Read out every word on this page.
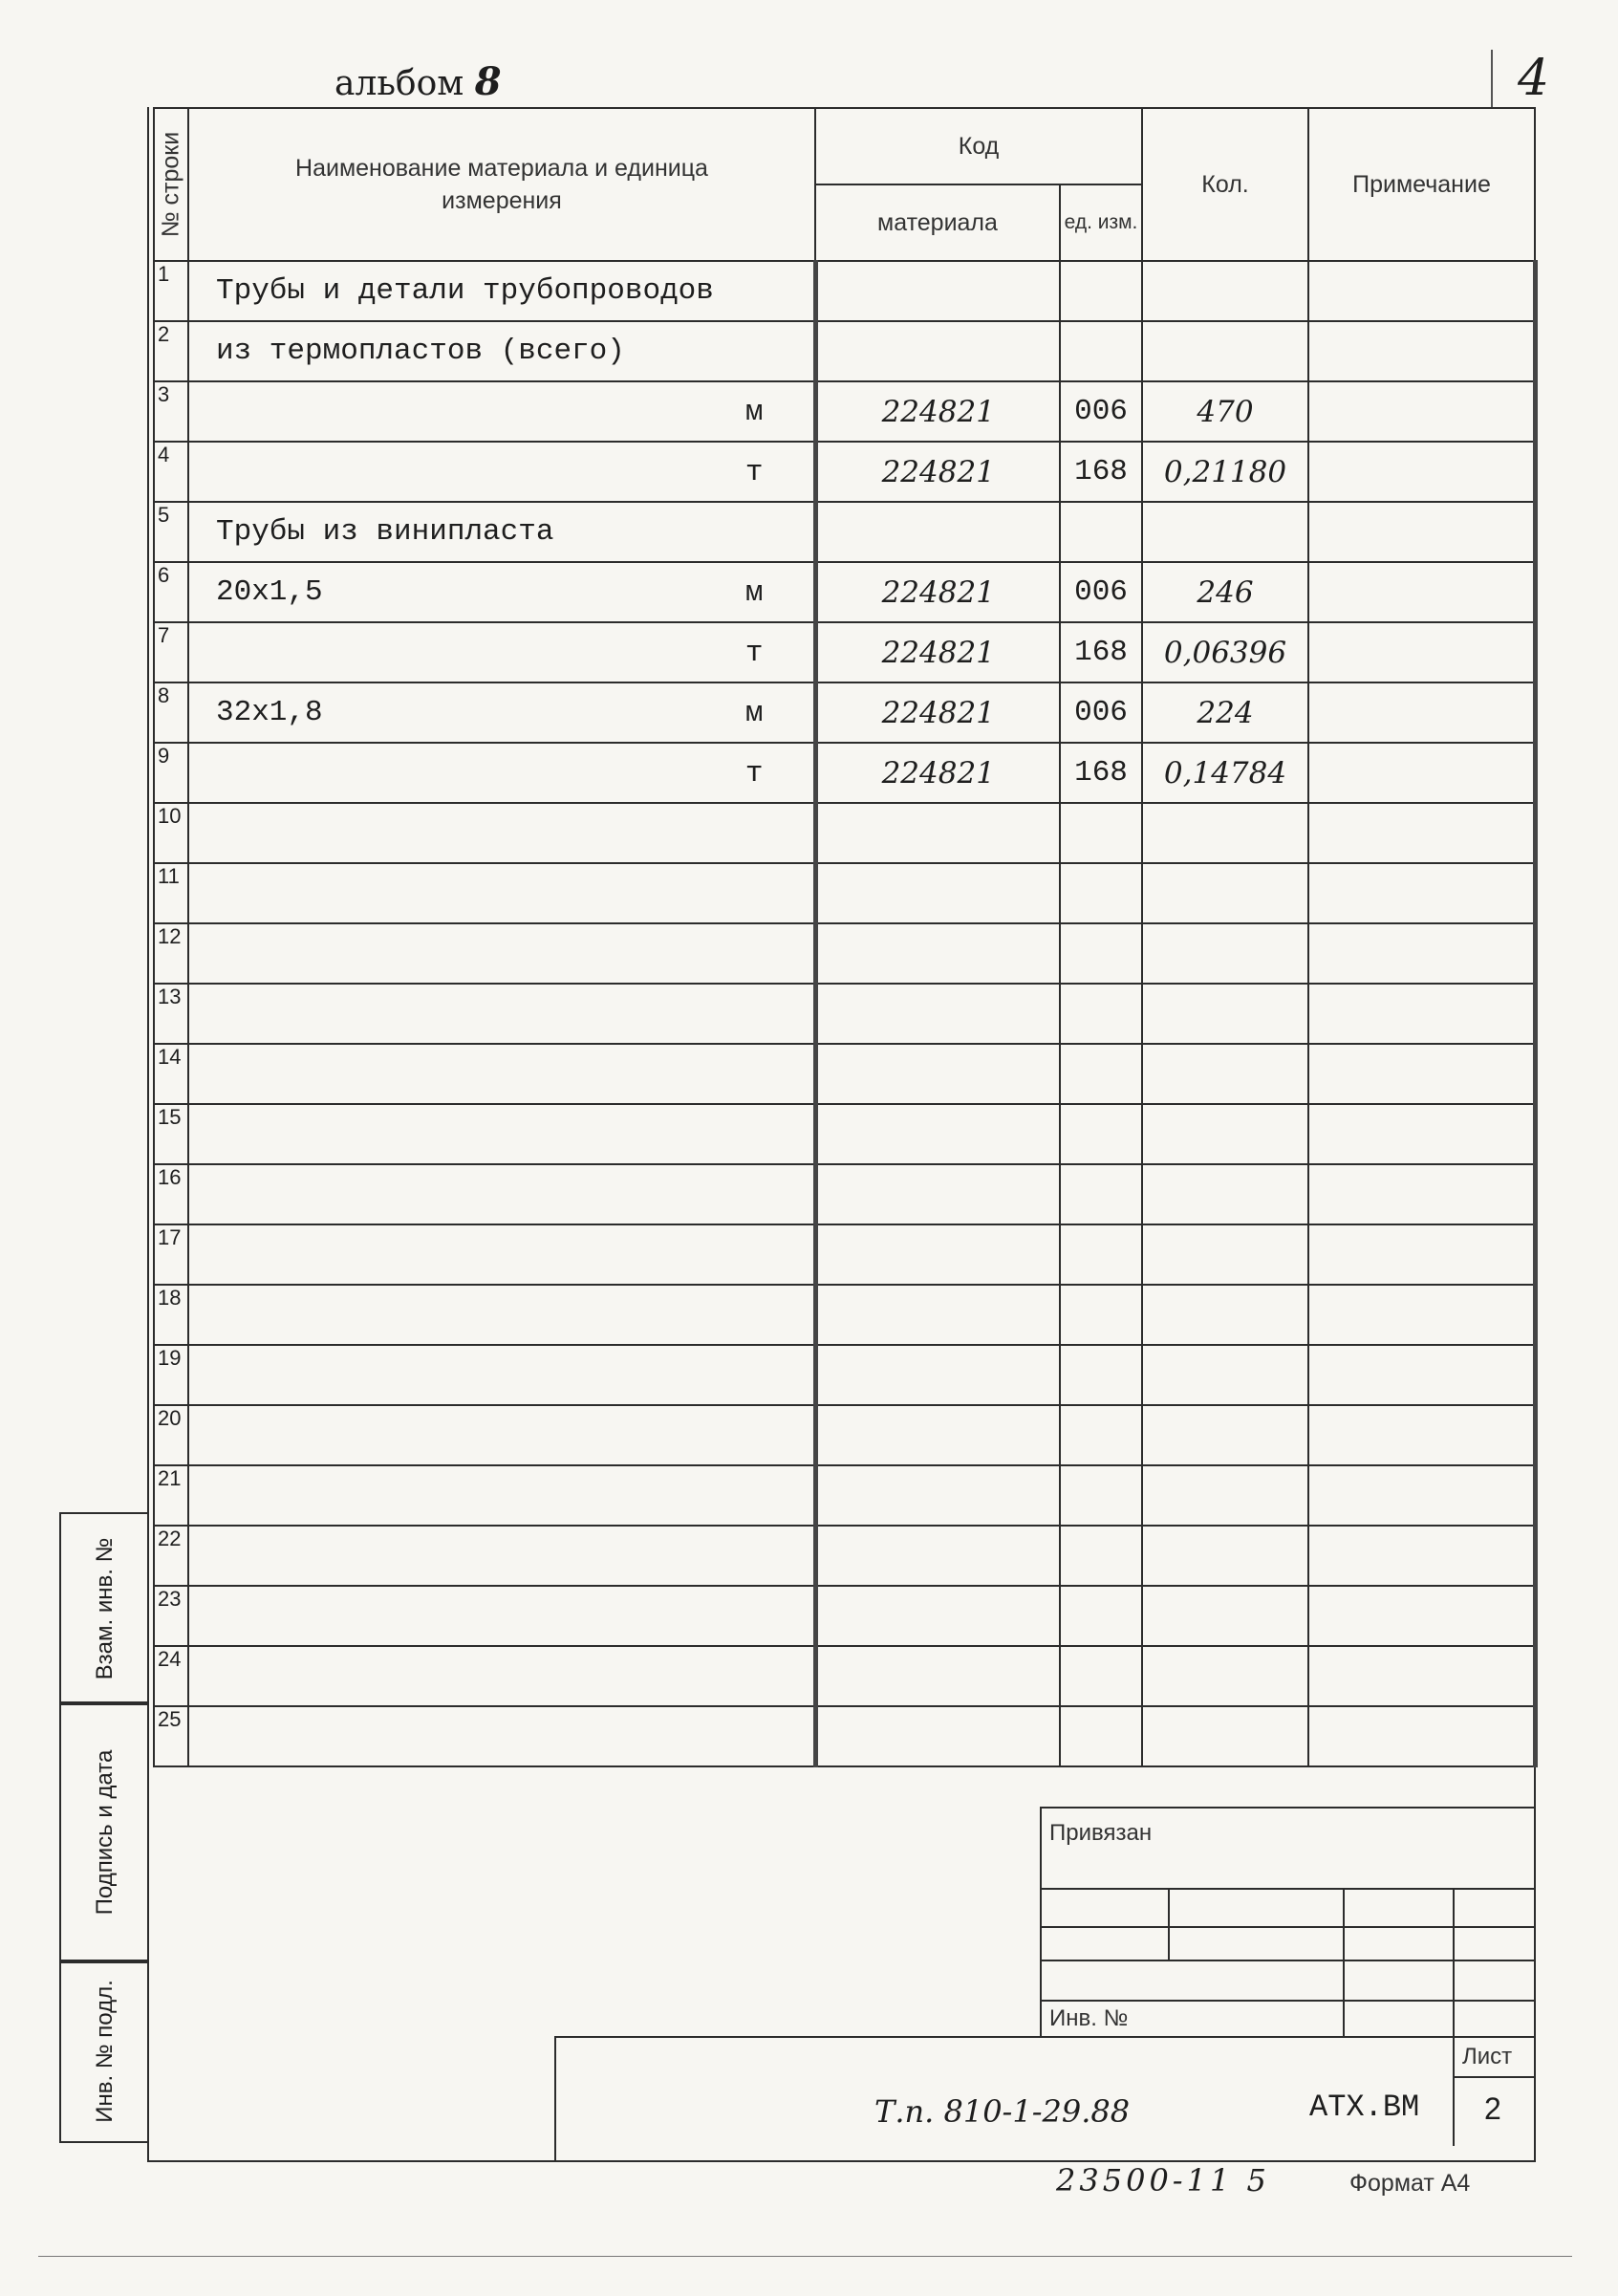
альбом 8	4
№ строки	Наименование материала и единица измерения	Код		Кол.	Примечание
		материала	ед. изм.		
1	Трубы и детали трубопроводов

2	из термопластов (всего)

3	м	224821	006	470	
4	т	224821	168	0,21180	
5	Трубы из винипласта

6	20х1,5 м	224821	006	246	
7	т	224821	168	0,06396	
8	32х1,8 м	224821	006	224	
9	т	224821	168	0,14784	
10	

11	

12	

13	

14	

15	

16	

17	

18	

19	

20	

21	

22	

23	

24	

25	

Взам. инв. №
Подпись и дата
Инв. № подл.
Привязан
Инв. №
Лист
2
Т.п. 810-1-29.88	АТХ.ВМ
23500-11 5	Формат А4
